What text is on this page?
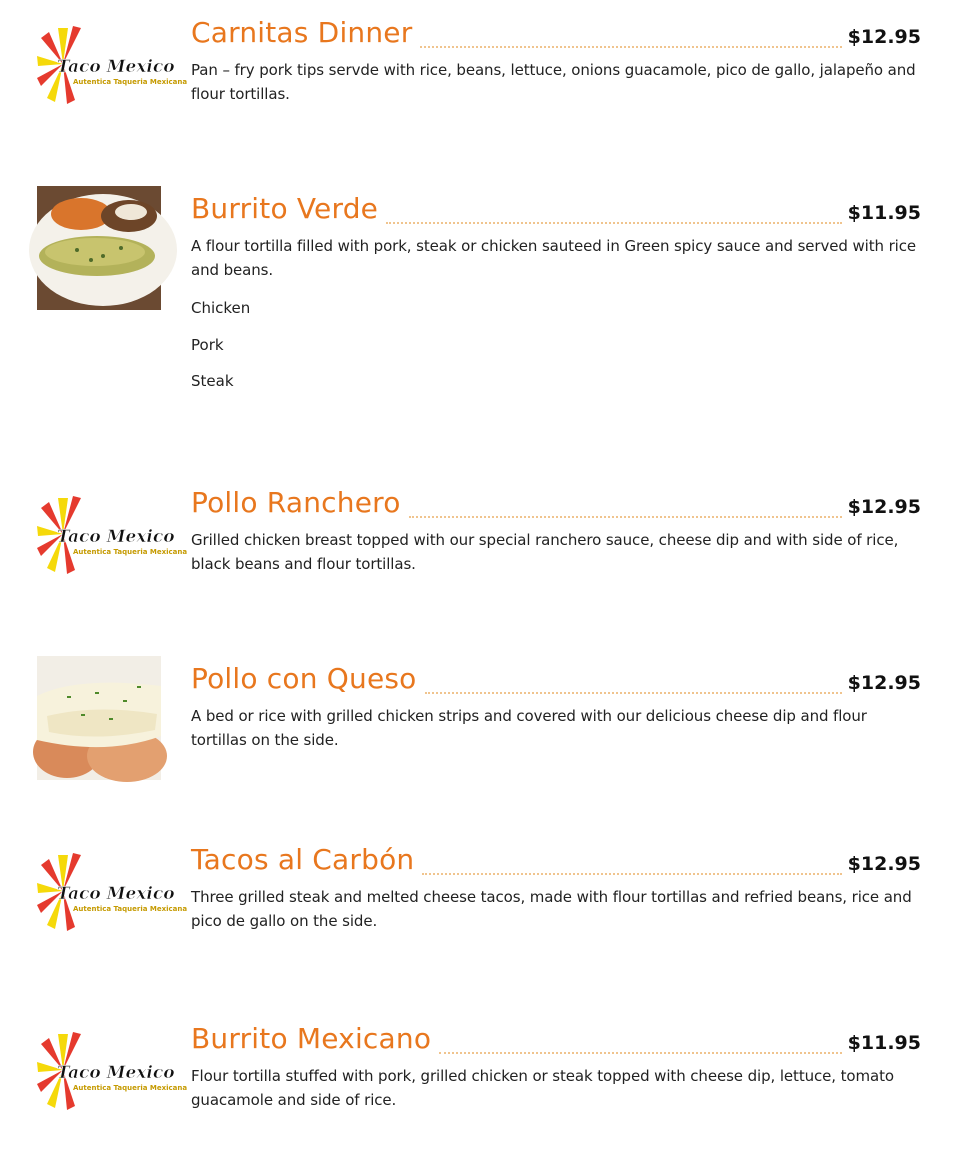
Taco Mexico
Autentica Taqueria Mexicana
Carnitas Dinner	$12.95
Pan – fry pork tips servde with rice, beans, lettuce, onions guacamole, pico de gallo, jalapeño and flour tortillas.
Burrito Verde	$11.95
A flour tortilla filled with pork, steak or chicken sauteed in Green spicy sauce and served with rice and beans.
Chicken
Pork
Steak
Taco Mexico
Autentica Taqueria Mexicana
Pollo Ranchero	$12.95
Grilled chicken breast topped with our special ranchero sauce, cheese dip and with side of rice, black beans and flour tortillas.
Pollo con Queso	$12.95
A bed or rice with grilled chicken strips and covered with our delicious cheese dip and flour tortillas on the side.
Taco Mexico
Autentica Taqueria Mexicana
Tacos al Carbón	$12.95
Three grilled steak and melted cheese tacos, made with flour tortillas and refried beans, rice and pico de gallo on the side.
Taco Mexico
Autentica Taqueria Mexicana
Burrito Mexicano	$11.95
Flour tortilla stuffed with pork, grilled chicken or steak topped with cheese dip, lettuce, tomato guacamole and side of rice.
